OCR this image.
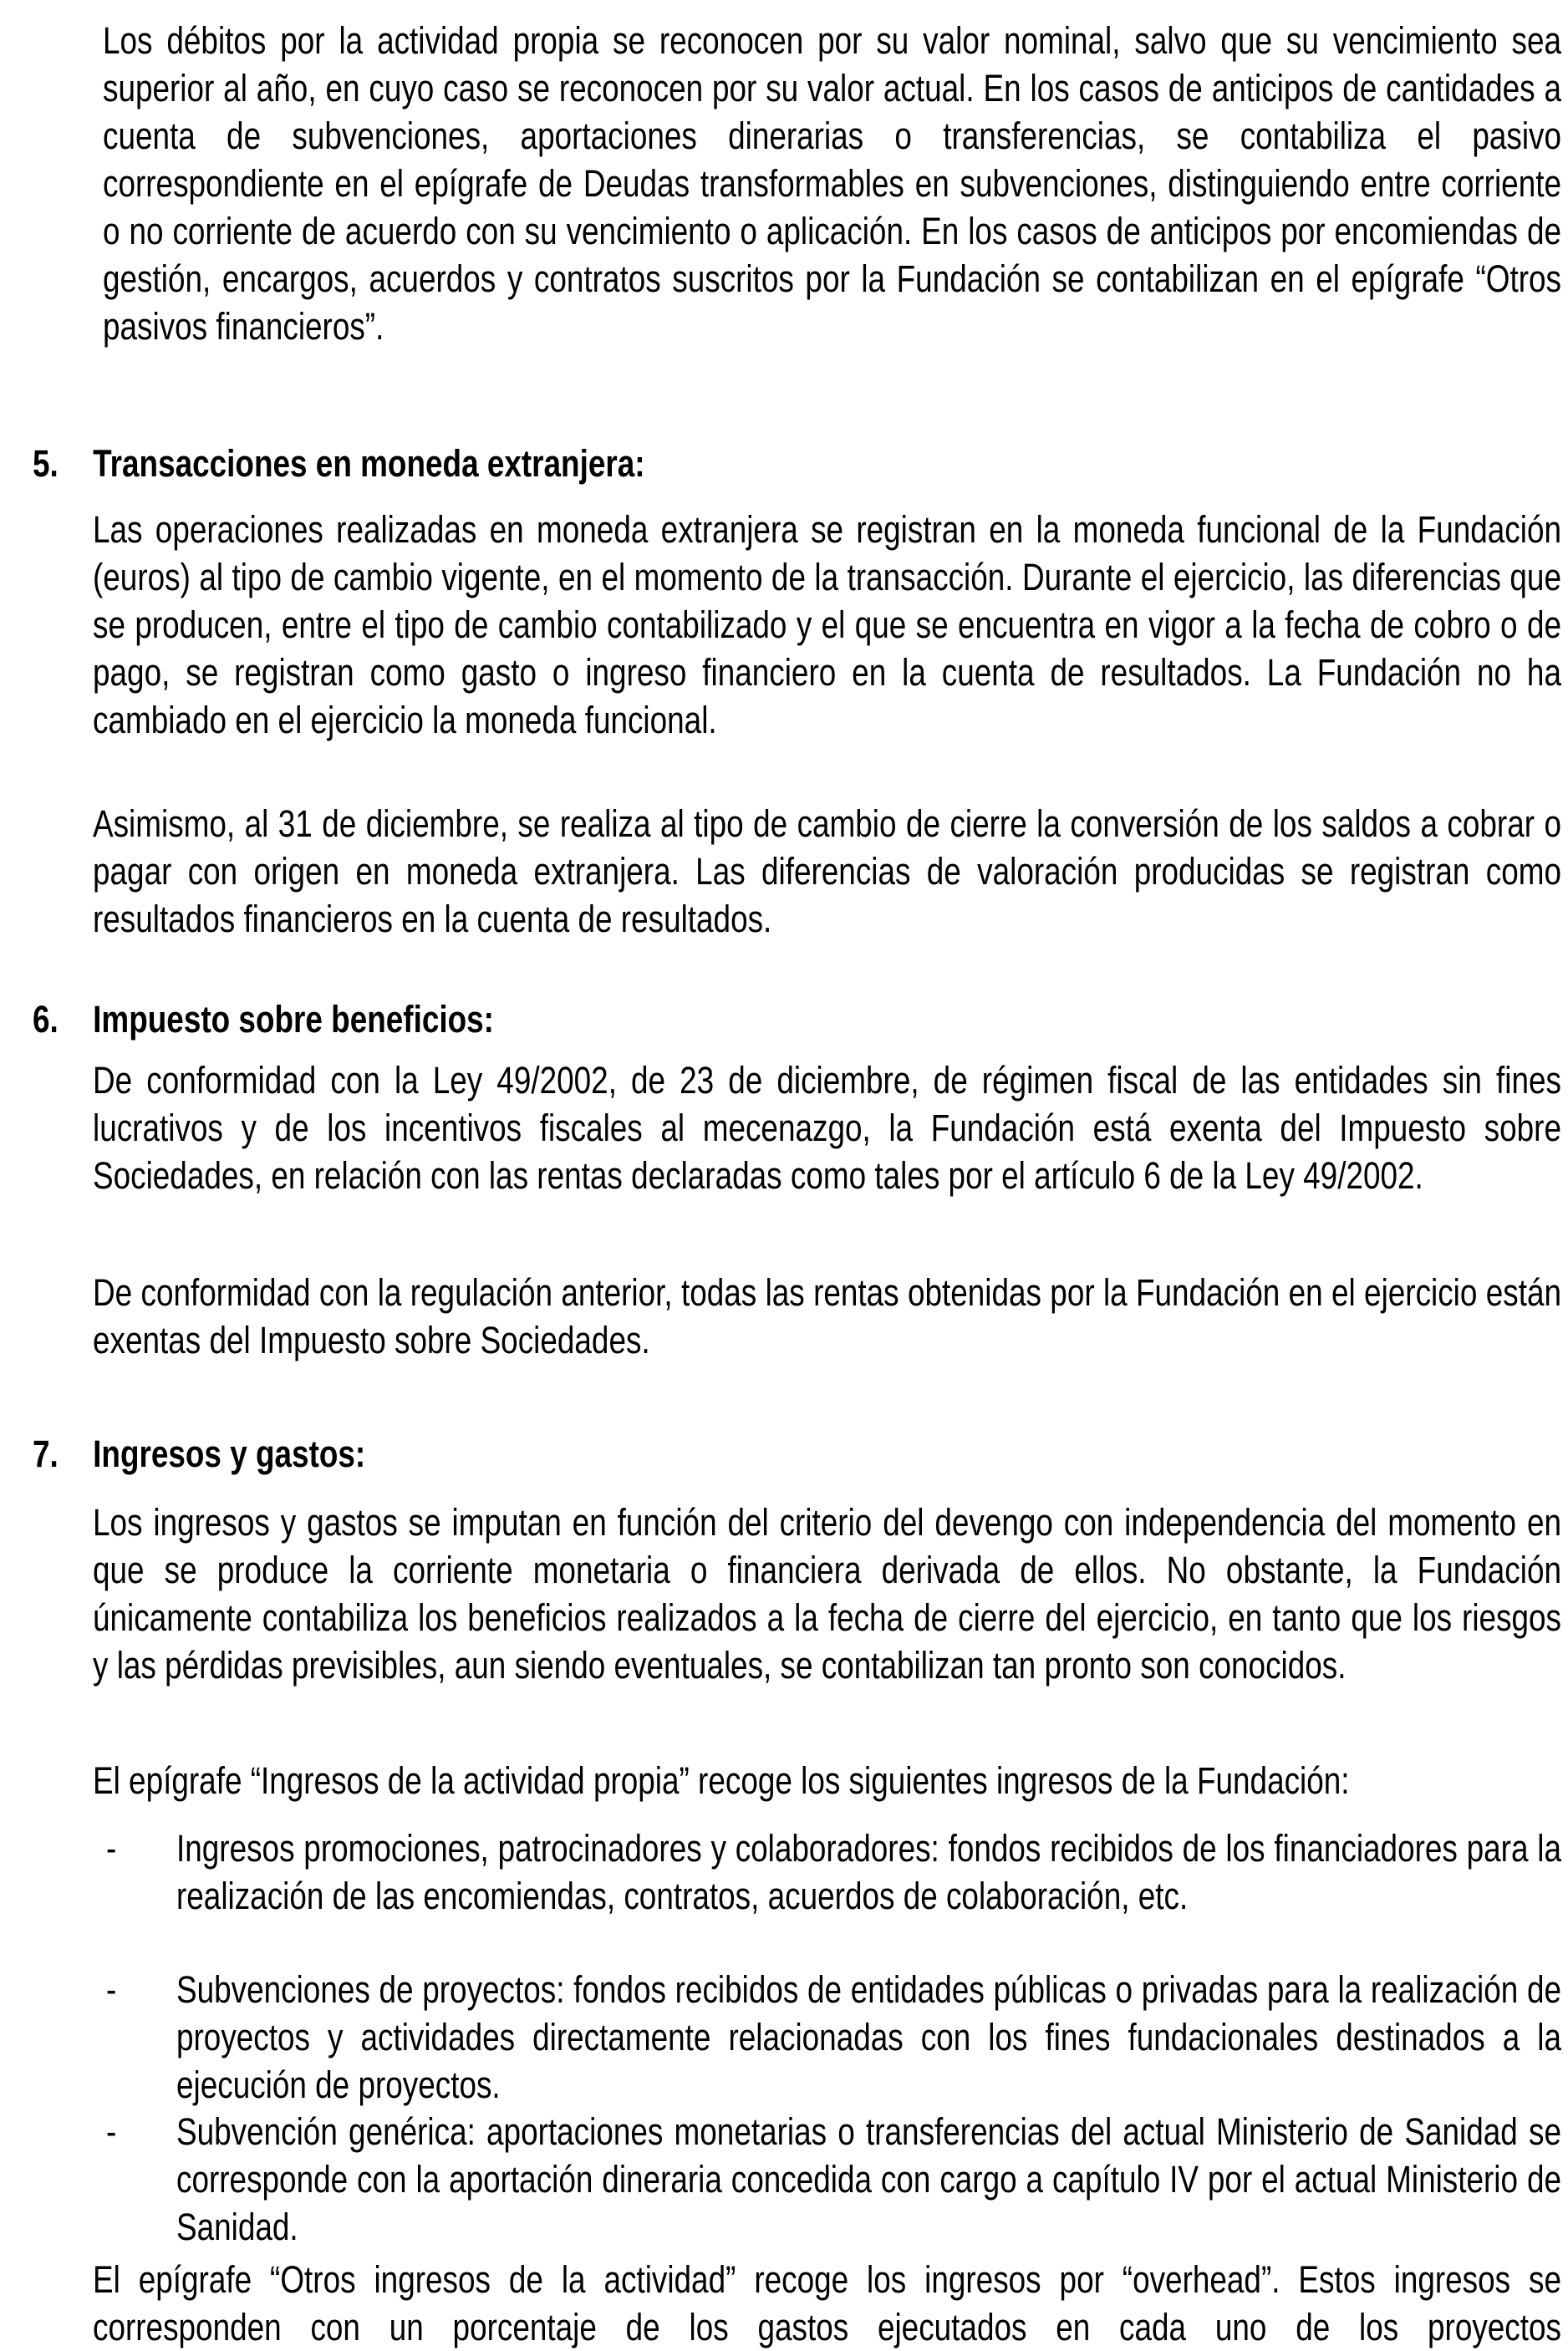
Los débitos por la actividad propia se reconocen por su valor nominal, salvo que su vencimiento sea superior al año, en cuyo caso se reconocen por su valor actual. En los casos de anticipos de cantidades a cuenta de subvenciones, aportaciones dinerarias o transferencias, se contabiliza el pasivo correspondiente en el epígrafe de Deudas transformables en subvenciones, distinguiendo entre corriente o no corriente de acuerdo con su vencimiento o aplicación. En los casos de anticipos por encomiendas de gestión, encargos, acuerdos y contratos suscritos por la Fundación se contabilizan en el epígrafe “Otros pasivos financieros”.
5. Transacciones en moneda extranjera:
Las operaciones realizadas en moneda extranjera se registran en la moneda funcional de la Fundación (euros) al tipo de cambio vigente, en el momento de la transacción. Durante el ejercicio, las diferencias que se producen, entre el tipo de cambio contabilizado y el que se encuentra en vigor a la fecha de cobro o de pago, se registran como gasto o ingreso financiero en la cuenta de resultados. La Fundación no ha cambiado en el ejercicio la moneda funcional.
Asimismo, al 31 de diciembre, se realiza al tipo de cambio de cierre la conversión de los saldos a cobrar o pagar con origen en moneda extranjera. Las diferencias de valoración producidas se registran como resultados financieros en la cuenta de resultados.
6. Impuesto sobre beneficios:
De conformidad con la Ley 49/2002, de 23 de diciembre, de régimen fiscal de las entidades sin fines lucrativos y de los incentivos fiscales al mecenazgo, la Fundación está exenta del Impuesto sobre Sociedades, en relación con las rentas declaradas como tales por el artículo 6 de la Ley 49/2002.
De conformidad con la regulación anterior, todas las rentas obtenidas por la Fundación en el ejercicio están exentas del Impuesto sobre Sociedades.
7. Ingresos y gastos:
Los ingresos y gastos se imputan en función del criterio del devengo con independencia del momento en que se produce la corriente monetaria o financiera derivada de ellos. No obstante, la Fundación únicamente contabiliza los beneficios realizados a la fecha de cierre del ejercicio, en tanto que los riesgos y las pérdidas previsibles, aun siendo eventuales, se contabilizan tan pronto son conocidos.
El epígrafe “Ingresos de la actividad propia” recoge los siguientes ingresos de la Fundación:
- Ingresos promociones, patrocinadores y colaboradores: fondos recibidos de los financiadores para la realización de las encomiendas, contratos, acuerdos de colaboración, etc.
- Subvenciones de proyectos: fondos recibidos de entidades públicas o privadas para la realización de proyectos y actividades directamente relacionadas con los fines fundacionales destinados a la ejecución de proyectos.
- Subvención genérica: aportaciones monetarias o transferencias del actual Ministerio de Sanidad se corresponde con la aportación dineraria concedida con cargo a capítulo IV por el actual Ministerio de Sanidad.
El epígrafe “Otros ingresos de la actividad” recoge los ingresos por “overhead”. Estos ingresos se corresponden con un porcentaje de los gastos ejecutados en cada uno de los proyectos
